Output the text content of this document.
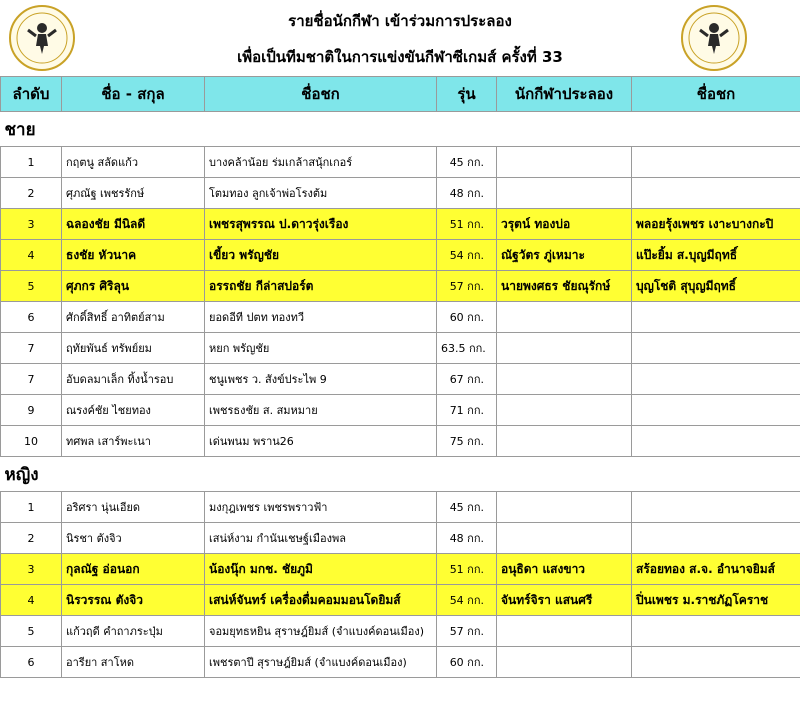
รายชื่อนักกีฬา เข้าร่วมการประลอง
เพื่อเป็นทีมชาติในการแข่งขันกีฬาซีเกมส์ ครั้งที่ 33
ลำดับ	ชื่อ - สกุล	ชื่อชก	รุ่น	นักกีฬาประลอง	ชื่อชก
ชาย					
1	กฤตนู สลัดแก้ว	บางคล้าน้อย ร่มเกล้าสนุ้กเกอร์	45 กก.		
2	ศุภณัฐ เพชรรักษ์	โตมทอง ลูกเจ้าพ่อโรงต้ม	48 กก.		
3	ฉลองชัย มีนิลดี	เพชรสุพรรณ ป.ดาวรุ่งเรือง	51 กก.	วรุตน์ ทองบ่อ	พลอยรุ้งเพชร เงาะบางกะปิ
4	ธงชัย หัวนาค	เขี้ยว พรัญชัย	54 กก.	ณัฐวัตร ภู่เหมาะ	แป๊ะยิ้ม ส.บุญมีฤทธิ์
5	ศุภกร ศิริลุน	อรรถชัย กีล่าสปอร์ต	57 กก.	นายพงศธร ชัยณุรักษ์	บุญโชติ สุบุญมีฤทธิ์
6	ศักดิ์สิทธิ์ อาทิตย์สาม	ยอดอีที ปตท ทองทวี	60 กก.		
7	ฤทัยพันธ์ ทรัพย์ยม	หยก พรัญชัย	63.5 กก.		
7	อับดลมาเล็ก ทิ้งน้ำรอบ	ชนูเพชร ว. สังข์ประไพ 9	67 กก.		
9	ณรงค์ชัย ไชยทอง	เพชรธงชัย ส. สมหมาย	71 กก.		
10	ทศพล เสาร์พะเนา	เด่นพนม พราน26	75 กก.		
หญิง					
1	อริศรา นุ่นเอียด	มงกุฎเพชร เพชรพราวฟ้า	45 กก.		
2	นิรชา ตังจิว	เสน่ห์งาม กำนันเชษฐ์เมืองพล	48 กก.		
3	กุลณัฐ อ่อนอก	น้องนุ๊ก มกช. ชัยภูมิ	51 กก.	อนุธิดา แสงขาว	สร้อยทอง ส.จ. อำนาจยิมส์
4	นิรวรรณ ตังจิว	เสน่ห์จันทร์ เครื่องดื่มคอมมอนโดยิมส์	54 กก.	จันทร์จิรา แสนศรี	ปิ่นเพชร ม.ราชภัฏโคราช
5	แก้วฤดี คำถาภระปุ่ม	จอมยุทธหยิน สุราษฎ์ยิมส์ (จำแบงค์ดอนเมือง)	57 กก.		
6	อารียา สาโหด	เพชรตาปี สุราษฎ์ยิมส์ (จำแบงค์ดอนเมือง)	60 กก.		
